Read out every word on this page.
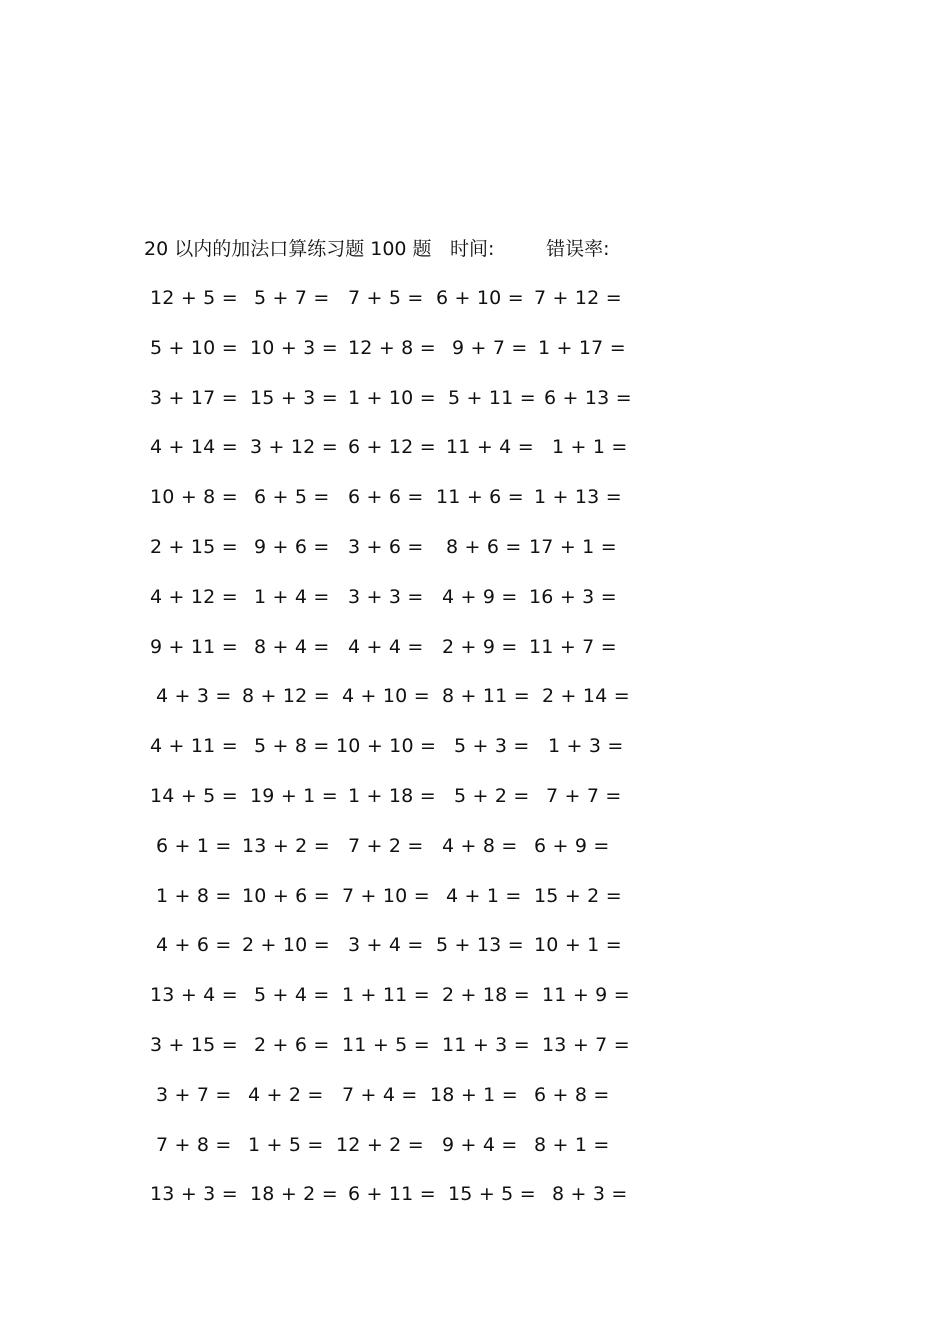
20 以内的加法口算练习题 100 题 时间:	错误率:
12 + 5 = 5 + 7 = 7 + 5 = 6 + 10 = 7 + 12 =
5 + 10 = 10 + 3 = 12 + 8 = 9 + 7 = 1 + 17 =
3 + 17 = 15 + 3 = 1 + 10 = 5 + 11 = 6 + 13 =
4 + 14 = 3 + 12 = 6 + 12 = 11 + 4 = 1 + 1 =
10 + 8 = 6 + 5 = 6 + 6 = 11 + 6 = 1 + 13 =
2 + 15 = 9 + 6 = 3 + 6 = 8 + 6 = 17 + 1 =
4 + 12 = 1 + 4 = 3 + 3 = 4 + 9 = 16 + 3 =
9 + 11 = 8 + 4 = 4 + 4 = 2 + 9 = 11 + 7 =
4 + 3 = 8 + 12 = 4 + 10 = 8 + 11 = 2 + 14 =
4 + 11 = 5 + 8 = 10 + 10 = 5 + 3 = 1 + 3 =
14 + 5 = 19 + 1 = 1 + 18 = 5 + 2 = 7 + 7 =
6 + 1 = 13 + 2 = 7 + 2 = 4 + 8 = 6 + 9 =
1 + 8 = 10 + 6 = 7 + 10 = 4 + 1 = 15 + 2 =
4 + 6 = 2 + 10 = 3 + 4 = 5 + 13 = 10 + 1 =
13 + 4 = 5 + 4 = 1 + 11 = 2 + 18 = 11 + 9 =
3 + 15 = 2 + 6 = 11 + 5 = 11 + 3 = 13 + 7 =
3 + 7 = 4 + 2 = 7 + 4 = 18 + 1 = 6 + 8 =
7 + 8 = 1 + 5 = 12 + 2 = 9 + 4 = 8 + 1 =
13 + 3 = 18 + 2 = 6 + 11 = 15 + 5 = 8 + 3 =
